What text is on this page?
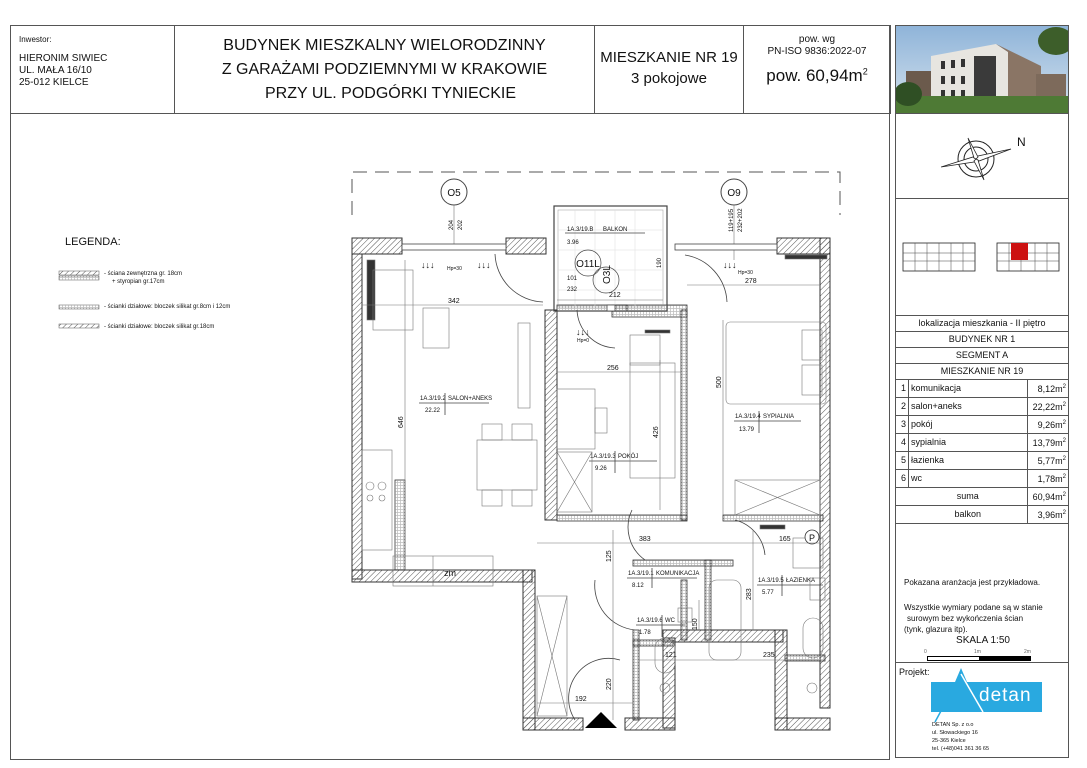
Inwestor:
HIERONIM SIWIEC
UL. MAŁA 16/10
25-012 KIELCE
BUDYNEK MIESZKALNY WIELORODZINNY
Z GARAŻAMI PODZIEMNYMI W KRAKOWIE
PRZY UL. PODGÓRKI TYNIECKIE
MIESZKANIE NR 19
3 pokojowe
pow. wg
PN-ISO 9836:2022-07
pow. $60,94m^2$
N
lokalizacja mieszkania - II piętro		
BUDYNEK NR 1		
SEGMENT A		
MIESZKANIE NR 19		
1	komunikacja	$8,12m^2$
2	salon+aneks	$22,22m^2$
3	pokój	$9,26m^2$
4	sypialnia	$13,79m^2$
5	łazienka	$5,77m^2$
6	wc	$1,78m^2$
	suma	$60,94m^2$
	balkon	$3,96m^2$
Pokazana aranżacja jest przykładowa.
Wszystkie wymiary podane są w stanie
surowym bez wykończenia ścian
(tynk, glazura itp).
SKALA 1:50
0	1m	2m
Projekt:
detan
DETAN Sp. z o.o
ul. Słowackiego 16
25-365 Kielce
tel. (+48)041 361 36 65
LEGENDA:
- ściana zewnętrzna gr. 18cm
+ styropian gr.17cm
- ścianki działowe: bloczek silikat gr.8cm i 12cm
- ścianki działowe: bloczek silikat gr.18cm
O5	O9
204 202	119+195 232+202
1A.3/19.B BALKON
3.96
O11L
O3L
101
232
212
190
↓↓↓	↓↓↓	↓↓↓
↓↓↓
Hp=30
Hp=30
Hp=0
zm
1A.3/19.2 SALON+ANEKS
22.22
1A.3/19.3 POKÓJ
9.26
1A.3/19.4 SYPIALNIA
13.79
1A.3/19.1 KOMUNIKACJA
8.12
1A.3/19.5 ŁAZIENKA
5.77
1A.3/19.6 WC
1.78
P
342
278
256
646
500
426
383	165
125
283
150
121	235
220
192
